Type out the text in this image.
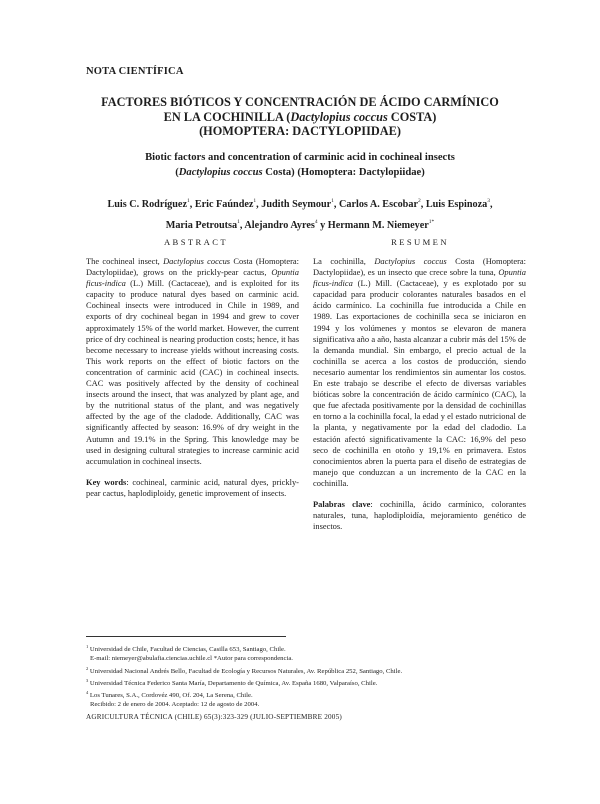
NOTA CIENTÍFICA
FACTORES BIÓTICOS Y CONCENTRACIÓN DE ÁCIDO CARMÍNICO
EN LA COCHINILLA (Dactylopius coccus COSTA)
(HOMOPTERA: DACTYLOPIIDAE)
Biotic factors and concentration of carminic acid in cochineal insects
(Dactylopius coccus Costa) (Homoptera: Dactylopiidae)
Luis C. Rodríguez$^1$, Eric Faúndez$^1$, Judith Seymour$^1$, Carlos A. Escobar$^2$, Luis Espinoza$^3$,
Maria Petroutsa$^1$, Alejandro Ayres$^4$ y Hermann M. Niemeyer$^{1*}$
ABSTRACT	RESUMEN

The cochineal insect, Dactylopius coccus Costa (Homoptera: Dactylopiidae), grows on the prickly-pear cactus, Opuntia ficus-indica (L.) Mill. (Cactaceae), and is exploited for its capacity to produce natural dyes based on carminic acid. Cochineal insects were introduced in Chile in 1989, and exports of dry cochineal began in 1994 and grew to cover approximately 15% of the world market. However, the current price of dry cochineal is nearing production costs; hence, it has become necessary to increase yields without increasing costs. This work reports on the effect of biotic factors on the concentration of carminic acid (CAC) in cochineal insects. CAC was positively affected by the density of cochineal insects around the insect, that was analyzed by plant age, and by the nutritional status of the plant, and was negatively affected by the age of the cladode. Additionally, CAC was significantly affected by season: 16.9% of dry weight in the Autumn and 19.1% in the Spring. This knowledge may be used in designing cultural strategies to increase carminic acid accumulation in cochineal insects.

Key words: cochineal, carminic acid, natural dyes, prickly-pear cactus, haplodiploidy, genetic improvement of insects.

La cochinilla, Dactylopius coccus Costa (Homoptera: Dactylopiidae), es un insecto que crece sobre la tuna, Opuntia ficus-indica (L.) Mill. (Cactaceae), y es explotado por su capacidad para producir colorantes naturales basados en el ácido carmínico. La cochinilla fue introducida a Chile en 1989. Las exportaciones de cochinilla seca se iniciaron en 1994 y los volúmenes y montos se elevaron de manera significativa año a año, hasta alcanzar a cubrir más del 15% de la demanda mundial. Sin embargo, el precio actual de la cochinilla se acerca a los costos de producción, siendo necesario aumentar los rendimientos sin aumentar los costos. En este trabajo se describe el efecto de diversas variables bióticas sobre la concentración de ácido carmínico (CAC), la que fue afectada positivamente por la densidad de cochinillas en torno a la cochinilla focal, la edad y el estado nutricional de la planta, y negativamente por la edad del cladodio. La estación afectó significativamente la CAC: 16,9% del peso seco de cochinilla en otoño y 19,1% en primavera. Estos conocimientos abren la puerta para el diseño de estrategias de manejo que conduzcan a un incremento de la CAC en la cochinilla.

Palabras clave: cochinilla, ácido carmínico, colorantes naturales, tuna, haplodiploidía, mejoramiento genético de insectos.

$^1$ Universidad de Chile, Facultad de Ciencias, Casilla 653, Santiago, Chile.
E-mail: niemeyer@abulafia.ciencias.uchile.cl *Autor para correspondencia.
$^2$ Universidad Nacional Andrés Bello, Facultad de Ecología y Recursos Naturales, Av. República 252, Santiago, Chile.
$^3$ Universidad Técnica Federico Santa María, Departamento de Química, Av. España 1680, Valparaíso, Chile.
$^4$ Los Tunares, S.A., Cordovéz 490, Of. 204, La Serena, Chile.
Recibido: 2 de enero de 2004. Aceptado: 12 de agosto de 2004.
AGRICULTURA TÉCNICA (CHILE) 65(3):323-329 (JULIO-SEPTIEMBRE 2005)
